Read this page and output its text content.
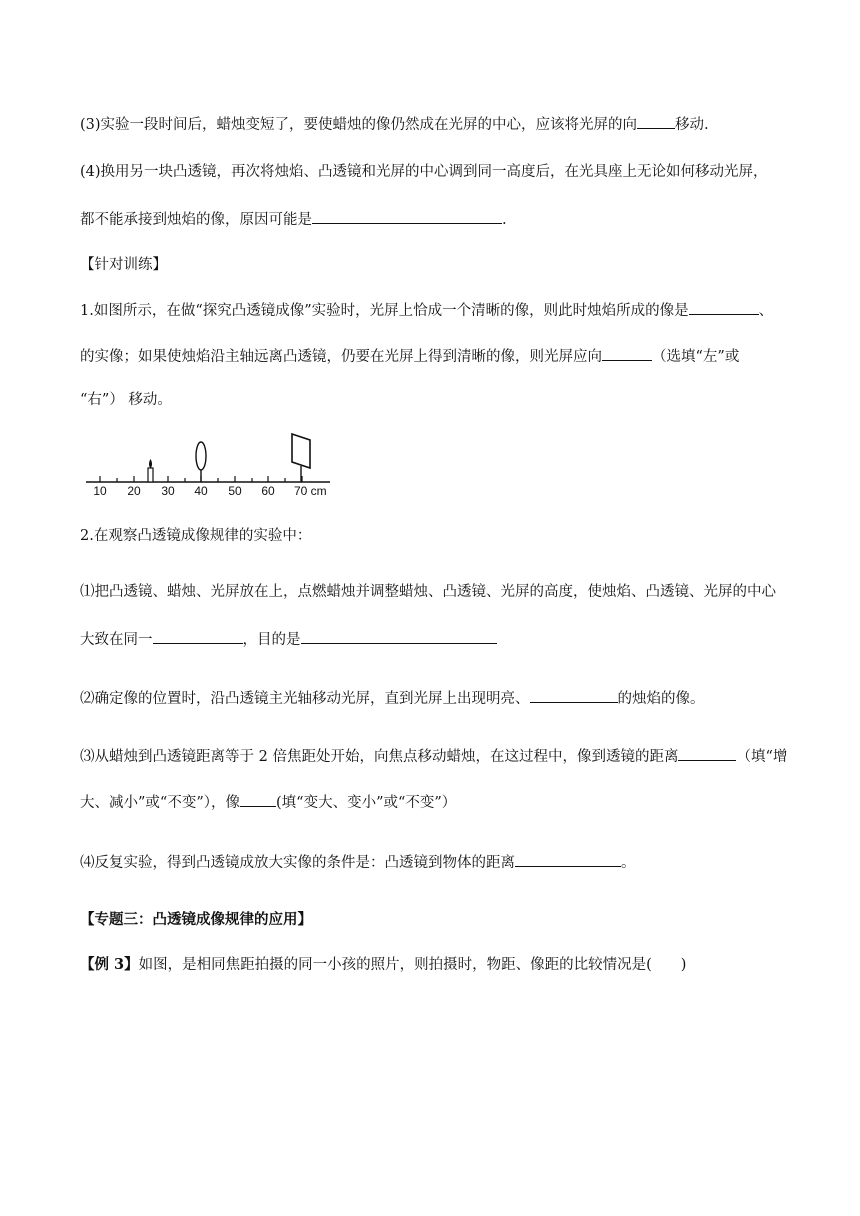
(3)实验一段时间后，蜡烛变短了，要使蜡烛的像仍然成在光屏的中心，应该将光屏的向	移动.
(4)换用另一块凸透镜，再次将烛焰、凸透镜和光屏的中心调到同一高度后，在光具座上无论如何移动光屏，
都不能承接到烛焰的像，原因可能是	.
【针对训练】
1.如图所示，在做“探究凸透镜成像”实验时，光屏上恰成一个清晰的像，则此时烛焰所成的像是	、
的实像；如果使烛焰沿主轴远离凸透镜，仍要在光屏上得到清晰的像，则光屏应向	（选填“左”或
“右”） 移动。
10 20 30 40 50 60 70 cm
2.在观察凸透镜成像规律的实验中：
⑴把凸透镜、蜡烛、光屏放在上，点燃蜡烛并调整蜡烛、凸透镜、光屏的高度，使烛焰、凸透镜、光屏的中心
大致在同一	，目的是
⑵确定像的位置时，沿凸透镜主光轴移动光屏，直到光屏上出现明亮、	的烛焰的像。
⑶从蜡烛到凸透镜距离等于 2 倍焦距处开始，向焦点移动蜡烛，在这过程中，像到透镜的距离	（填“增
大、减小”或“不变”），像 (填“变大、变小”或“不变”）
⑷反复实验，得到凸透镜成放大实像的条件是：凸透镜到物体的距离	。
【专题三：凸透镜成像规律的应用】
【例 3】如图，是相同焦距拍摄的同一小孩的照片，则拍摄时，物距、像距的比较情况是(　　)
